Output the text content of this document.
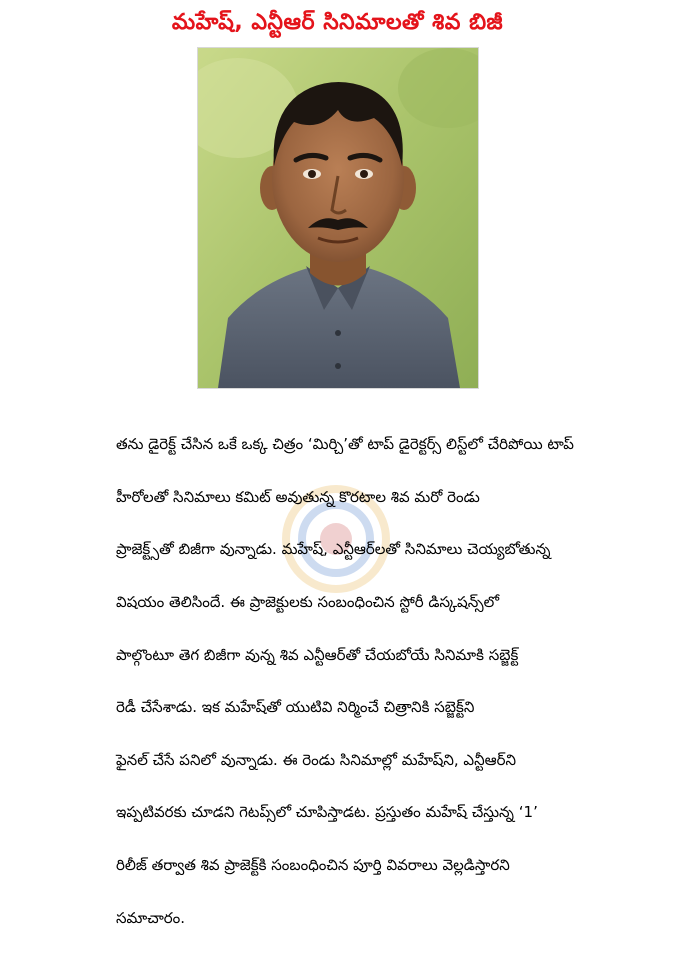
మహేష్, ఎన్టీఆర్ సినిమాలతో శివ బిజీ

తను డైరెక్ట్ చేసిన ఒకే ఒక్క చిత్రం ‘మిర్చి’తో టాప్ డైరెక్టర్స్ లిస్ట్‌లో చేరిపోయి టాప్

హీరోలతో సినిమాలు కమిట్ అవుతున్న కొరటాల శివ మరో రెండు

ప్రాజెక్ట్స్‌తో బిజీగా వున్నాడు. మహేష్, ఎన్టీఆర్‌లతో సినిమాలు చెయ్యబోతున్న

విషయం తెలిసిందే. ఈ ప్రాజెక్టులకు సంబంధించిన స్టోరీ డిస్కషన్స్‌లో

పాల్గొంటూ తెగ బిజీగా వున్న శివ ఎన్టీఆర్‌తో చేయబోయే సినిమాకి సబ్జెక్ట్

రెడీ చేసేశాడు. ఇక మహేష్‌తో యుటివి నిర్మించే చిత్రానికి సబ్జెక్ట్‌ని

ఫైనల్ చేసే పనిలో వున్నాడు. ఈ రెండు సినిమాల్లో మహేష్‌ని, ఎన్టీఆర్‌ని

ఇప్పటివరకు చూడని గెటప్స్‌లో చూపిస్తాడట. ప్రస్తుతం మహేష్ చేస్తున్న ‘1’

రిలీజ్ తర్వాత శివ ప్రాజెక్ట్‌కి సంబంధించిన పూర్తి వివరాలు వెల్లడిస్తారని

సమాచారం.
